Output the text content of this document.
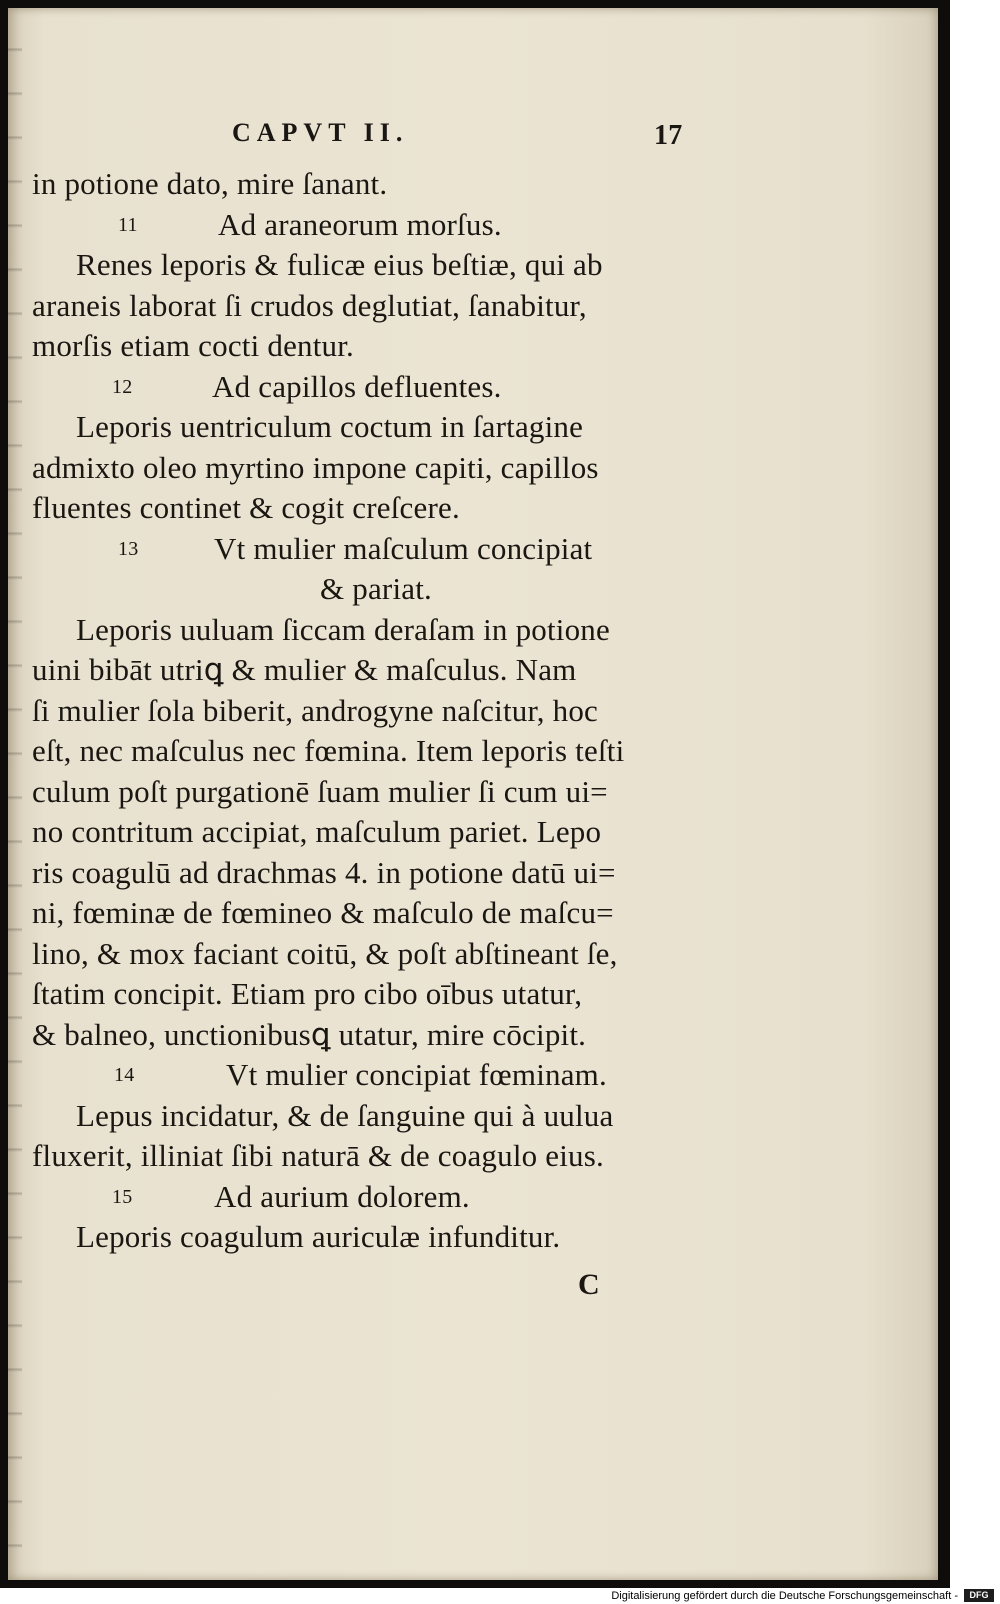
CAPVT II.	17
in potione dato, mire ſanant.
11	Ad araneorum morſus.
Renes leporis & fulicæ eius beſtiæ, qui ab
araneis laborat ſi crudos deglutiat, ſanabitur,
morſis etiam cocti dentur.
12	Ad capillos defluentes.
Leporis uentriculum coctum in ſartagine
admixto oleo myrtino impone capiti, capillos
fluentes continet & cogit creſcere.
13 Vt mulier maſculum concipiat
& pariat.
Leporis uuluam ſiccam deraſam in potione
uini bibāt utriꝗ & mulier & maſculus. Nam
ſi mulier ſola biberit, androgyne naſcitur, hoc
eſt, nec maſculus nec fœmina. Item leporis teſti
culum poſt purgationē ſuam mulier ſi cum ui=
no contritum accipiat, maſculum pariet. Lepo
ris coagulū ad drachmas 4. in potione datū ui=
ni, fœminæ de fœmineo & maſculo de maſcu=
lino, & mox faciant coitū, & poſt abſtineant ſe,
ſtatim concipit. Etiam pro cibo oībus utatur,
& balneo, unctionibusꝗ utatur, mire cōcipit.
14	Vt mulier concipiat fœminam.
Lepus incidatur, & de ſanguine qui à uulua
fluxerit, illiniat ſibi naturā & de coagulo eius.
15	Ad aurium dolorem.
Leporis coagulum auriculæ infunditur.
C
Digitalisierung gefördert durch die Deutsche Forschungsgemeinschaft -	DFG
